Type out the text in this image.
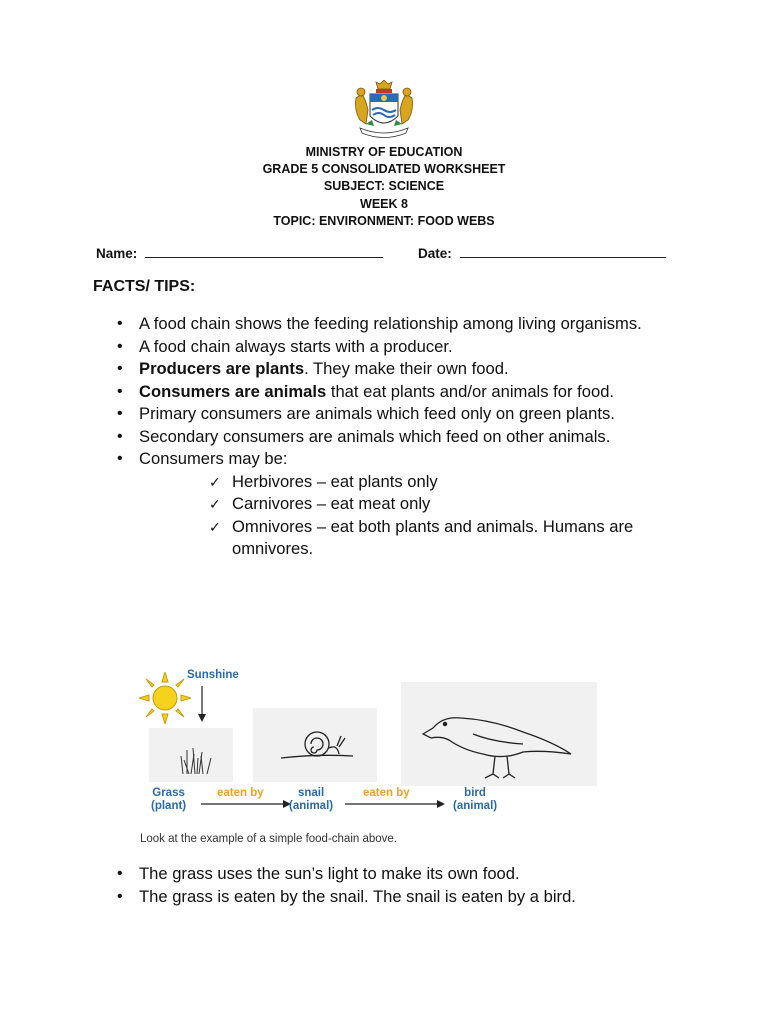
MINISTRY OF EDUCATION
GRADE 5 CONSOLIDATED WORKSHEET
SUBJECT: SCIENCE
WEEK 8
TOPIC: ENVIRONMENT: FOOD WEBS
Name:	Date:
FACTS/ TIPS:
• A food chain shows the feeding relationship among living organisms.
• A food chain always starts with a producer.
• Producers are plants. They make their own food.
• Consumers are animals that eat plants and/or animals for food.
• Primary consumers are animals which feed only on green plants.
• Secondary consumers are animals which feed on other animals.
• Consumers may be:
✓ Herbivores – eat plants only
✓ Carnivores – eat meat only
✓ Omnivores – eat both plants and animals. Humans are omnivores.
Sunshine
Grass
(plant)
eaten by	snail
(animal)
eaten by	bird
(animal)
Look at the example of a simple food-chain above.
• The grass uses the sun’s light to make its own food.
• The grass is eaten by the snail. The snail is eaten by a bird.
